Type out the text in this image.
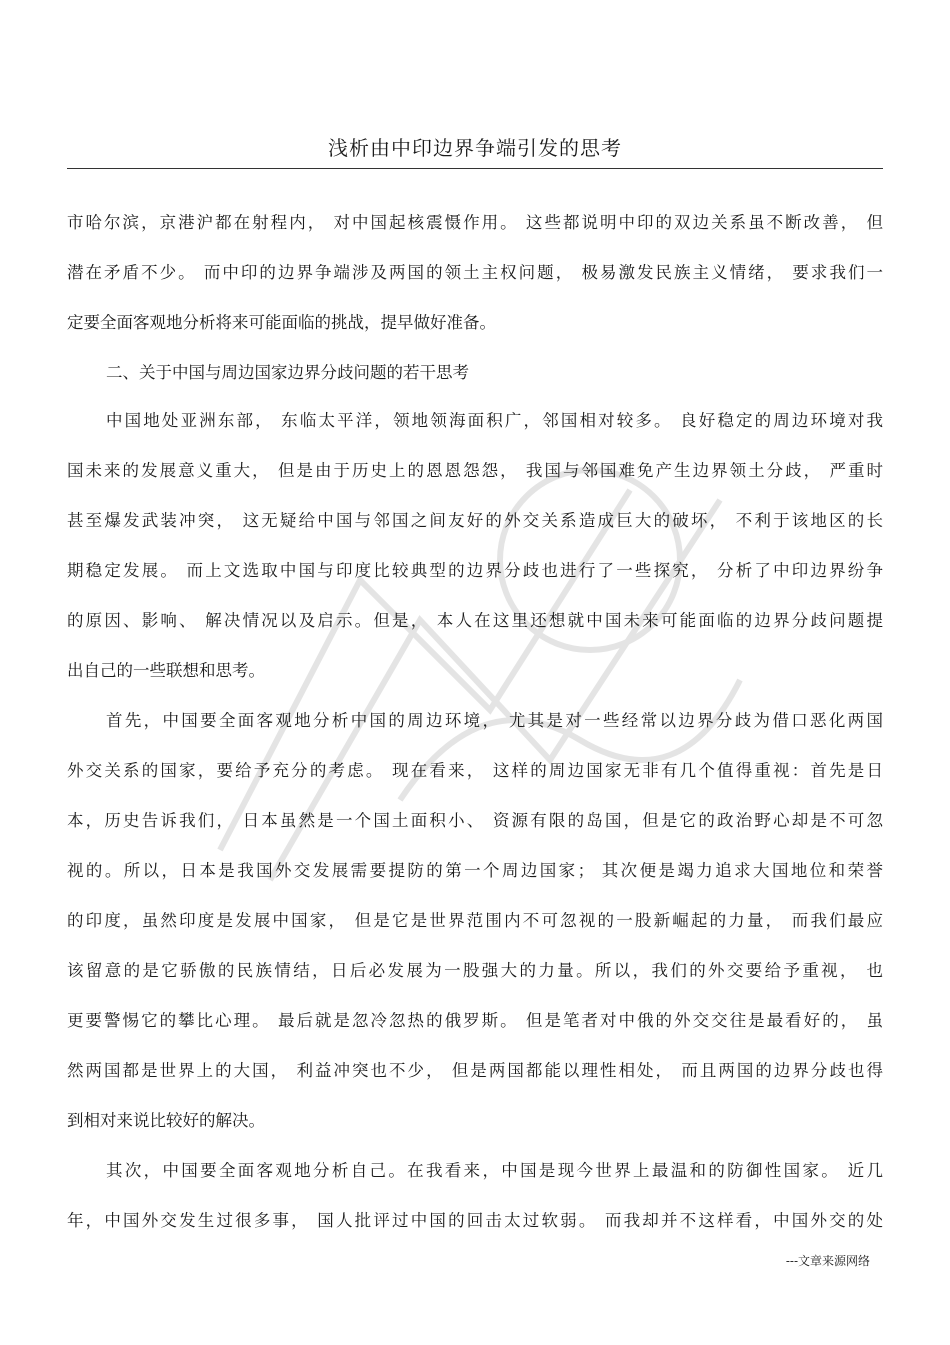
浅析由中印边界争端引发的思考
市哈尔滨，京港沪都在射程内， 对中国起核震慑作用。 这些都说明中印的双边关系虽不断改善， 但
潜在矛盾不少。 而中印的边界争端涉及两国的领土主权问题， 极易激发民族主义情绪， 要求我们一
定要全面客观地分析将来可能面临的挑战，提早做好准备。
二、关于中国与周边国家边界分歧问题的若干思考
中国地处亚洲东部， 东临太平洋，领地领海面积广，邻国相对较多。 良好稳定的周边环境对我
国未来的发展意义重大， 但是由于历史上的恩恩怨怨， 我国与邻国难免产生边界领土分歧， 严重时
甚至爆发武装冲突， 这无疑给中国与邻国之间友好的外交关系造成巨大的破坏， 不利于该地区的长
期稳定发展。 而上文选取中国与印度比较典型的边界分歧也进行了一些探究， 分析了中印边界纷争
的原因、影响、 解决情况以及启示。但是， 本人在这里还想就中国未来可能面临的边界分歧问题提
出自己的一些联想和思考。
首先，中国要全面客观地分析中国的周边环境， 尤其是对一些经常以边界分歧为借口恶化两国
外交关系的国家，要给予充分的考虑。 现在看来， 这样的周边国家无非有几个值得重视：首先是日
本，历史告诉我们， 日本虽然是一个国土面积小、 资源有限的岛国，但是它的政治野心却是不可忽
视的。所以，日本是我国外交发展需要提防的第一个周边国家； 其次便是竭力追求大国地位和荣誉
的印度，虽然印度是发展中国家， 但是它是世界范围内不可忽视的一股新崛起的力量， 而我们最应
该留意的是它骄傲的民族情结，日后必发展为一股强大的力量。所以，我们的外交要给予重视， 也
更要警惕它的攀比心理。 最后就是忽冷忽热的俄罗斯。 但是笔者对中俄的外交交往是最看好的， 虽
然两国都是世界上的大国， 利益冲突也不少， 但是两国都能以理性相处， 而且两国的边界分歧也得
到相对来说比较好的解决。
其次，中国要全面客观地分析自己。在我看来，中国是现今世界上最温和的防御性国家。 近几
年，中国外交发生过很多事， 国人批评过中国的回击太过软弱。 而我却并不这样看，中国外交的处
---文章来源网络
